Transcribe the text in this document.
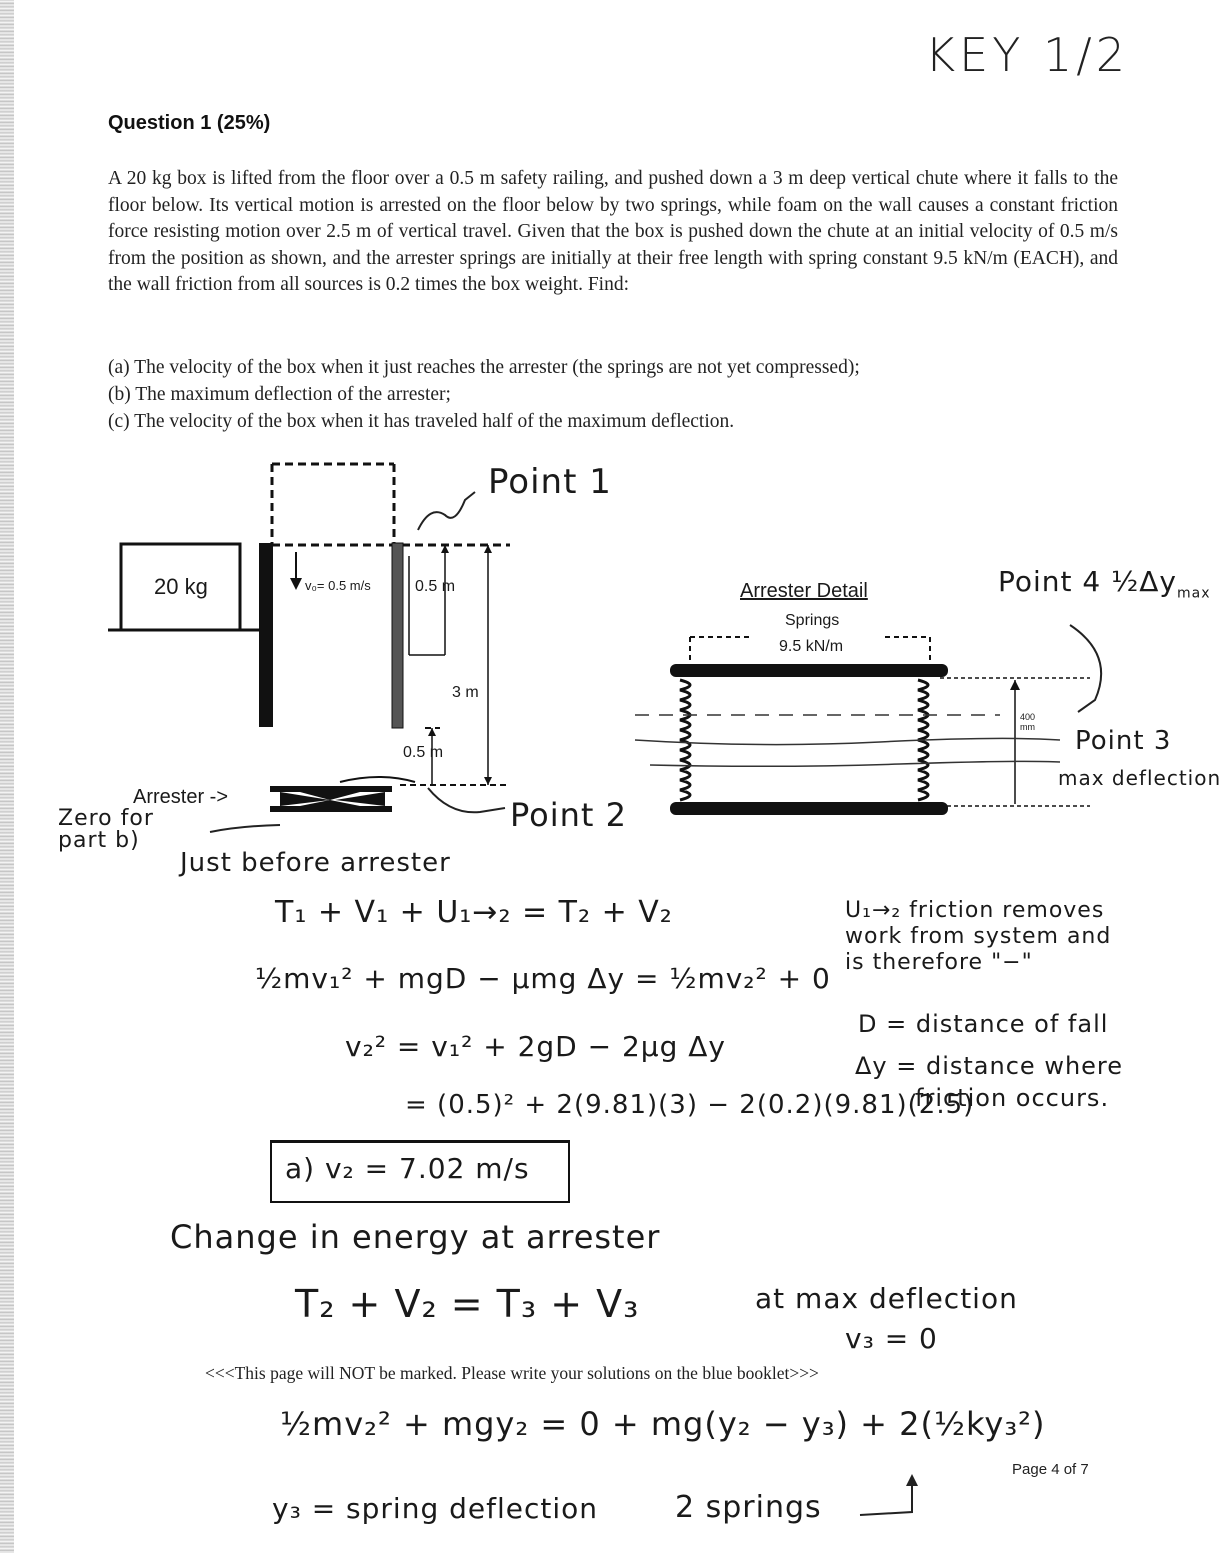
KEY 1/2
Question 1 (25%)
A 20 kg box is lifted from the floor over a 0.5 m safety railing, and pushed down a 3 m deep vertical chute where it falls to the floor below. Its vertical motion is arrested on the floor below by two springs, while foam on the wall causes a constant friction force resisting motion over 2.5 m of vertical travel. Given that the box is pushed down the chute at an initial velocity of 0.5 m/s from the position as shown, and the arrester springs are initially at their free length with spring constant 9.5 kN/m (EACH), and the wall friction from all sources is 0.2 times the box weight. Find:
(a) The velocity of the box when it just reaches the arrester (the springs are not yet compressed);
(b) The maximum deflection of the arrester;
(c) The velocity of the box when it has traveled half of the maximum deflection.
20 kg	v₀= 0.5 m/s	0.5 m
3 m
0.5 m
Arrester ->
Point 1
Point 2
Arrester Detail
Springs
9.5 kN/m
400 mm	Point 3
max deflection
Point 4 $\frac{1}{2}\Delta y_{max}$
Zero for part b)
Just before arrester
T₁ + V₁ + U₁→₂ = T₂ + V₂
½mv₁² + mgD − μmg Δy = ½mv₂² + 0
v₂² = v₁² + 2gD − 2μg Δy
= (0.5)² + 2(9.81)(3) − 2(0.2)(9.81)(2.5)
U₁→₂ friction removes
work from system and
is therefore "−"
D = distance of fall
Δy = distance where
friction occurs.
a) v₂ = 7.02 m/s
Change in energy at arrester
T₂ + V₂ = T₃ + V₃	at max deflection
v₃ = 0
<<<This page will NOT be marked. Please write your solutions on the blue booklet>>>
½mv₂² + mgy₂ = 0 + mg(y₂ − y₃) + 2(½ky₃²)
Page 4 of 7
y₃ = spring deflection	2 springs
